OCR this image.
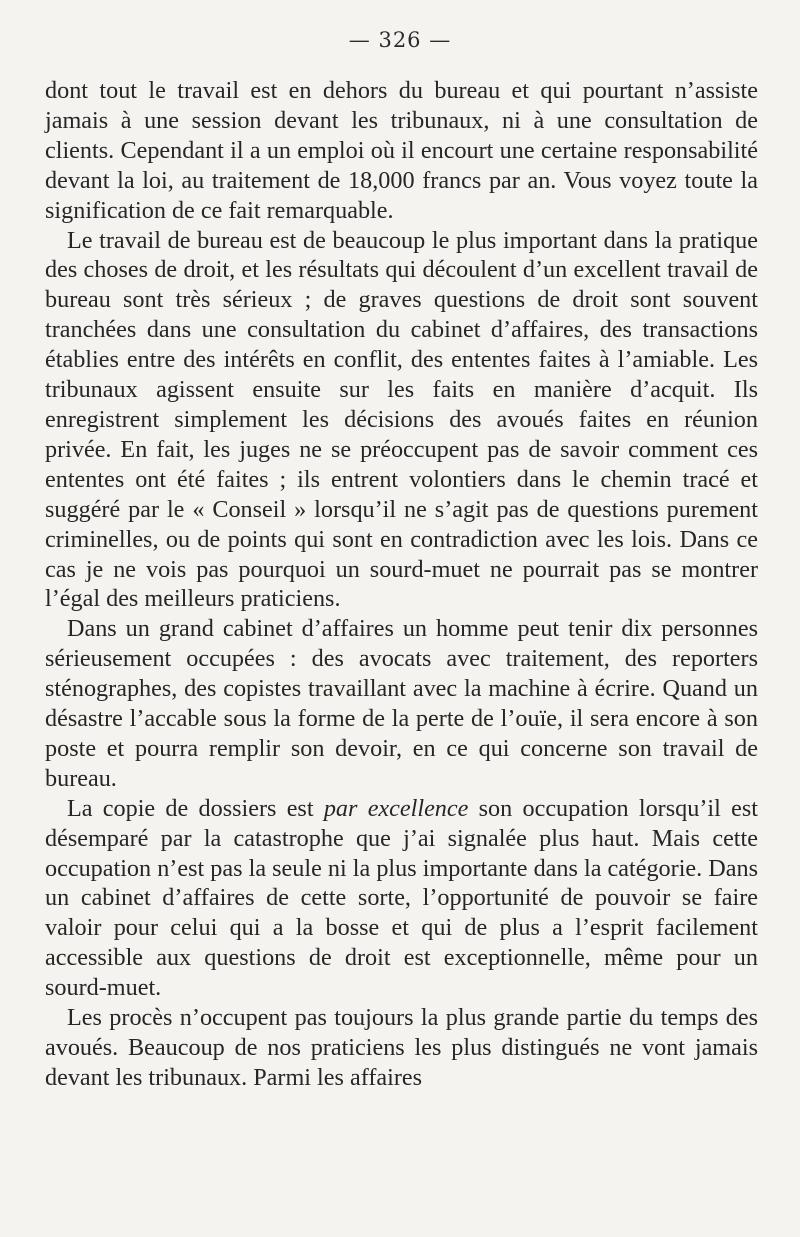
— 326 —

dont tout le travail est en dehors du bureau et qui pourtant n’assiste jamais à une session devant les tribunaux, ni à une consultation de clients. Cependant il a un emploi où il encourt une certaine responsabilité devant la loi, au traitement de 18,000 francs par an. Vous voyez toute la signification de ce fait remarquable.

Le travail de bureau est de beaucoup le plus important dans la pratique des choses de droit, et les résultats qui découlent d’un excellent travail de bureau sont très sérieux ; de graves questions de droit sont souvent tranchées dans une consultation du cabinet d’affaires, des transactions établies entre des intérêts en conflit, des ententes faites à l’amiable. Les tribunaux agissent ensuite sur les faits en manière d’acquit. Ils enregistrent simplement les décisions des avoués faites en réunion privée. En fait, les juges ne se préoccupent pas de savoir comment ces ententes ont été faites ; ils entrent volontiers dans le chemin tracé et suggéré par le « Conseil » lorsqu’il ne s’agit pas de questions purement criminelles, ou de points qui sont en contradiction avec les lois. Dans ce cas je ne vois pas pourquoi un sourd-muet ne pourrait pas se montrer l’égal des meilleurs praticiens.

Dans un grand cabinet d’affaires un homme peut tenir dix personnes sérieusement occupées : des avocats avec traitement, des reporters sténographes, des copistes travaillant avec la machine à écrire. Quand un désastre l’accable sous la forme de la perte de l’ouïe, il sera encore à son poste et pourra remplir son devoir, en ce qui concerne son travail de bureau.

La copie de dossiers est par excellence son occupation lorsqu’il est désemparé par la catastrophe que j’ai signalée plus haut. Mais cette occupation n’est pas la seule ni la plus importante dans la catégorie. Dans un cabinet d’affaires de cette sorte, l’opportunité de pouvoir se faire valoir pour celui qui a la bosse et qui de plus a l’esprit facilement accessible aux questions de droit est exceptionnelle, même pour un sourd-muet.

Les procès n’occupent pas toujours la plus grande partie du temps des avoués. Beaucoup de nos praticiens les plus distingués ne vont jamais devant les tribunaux. Parmi les affaires
